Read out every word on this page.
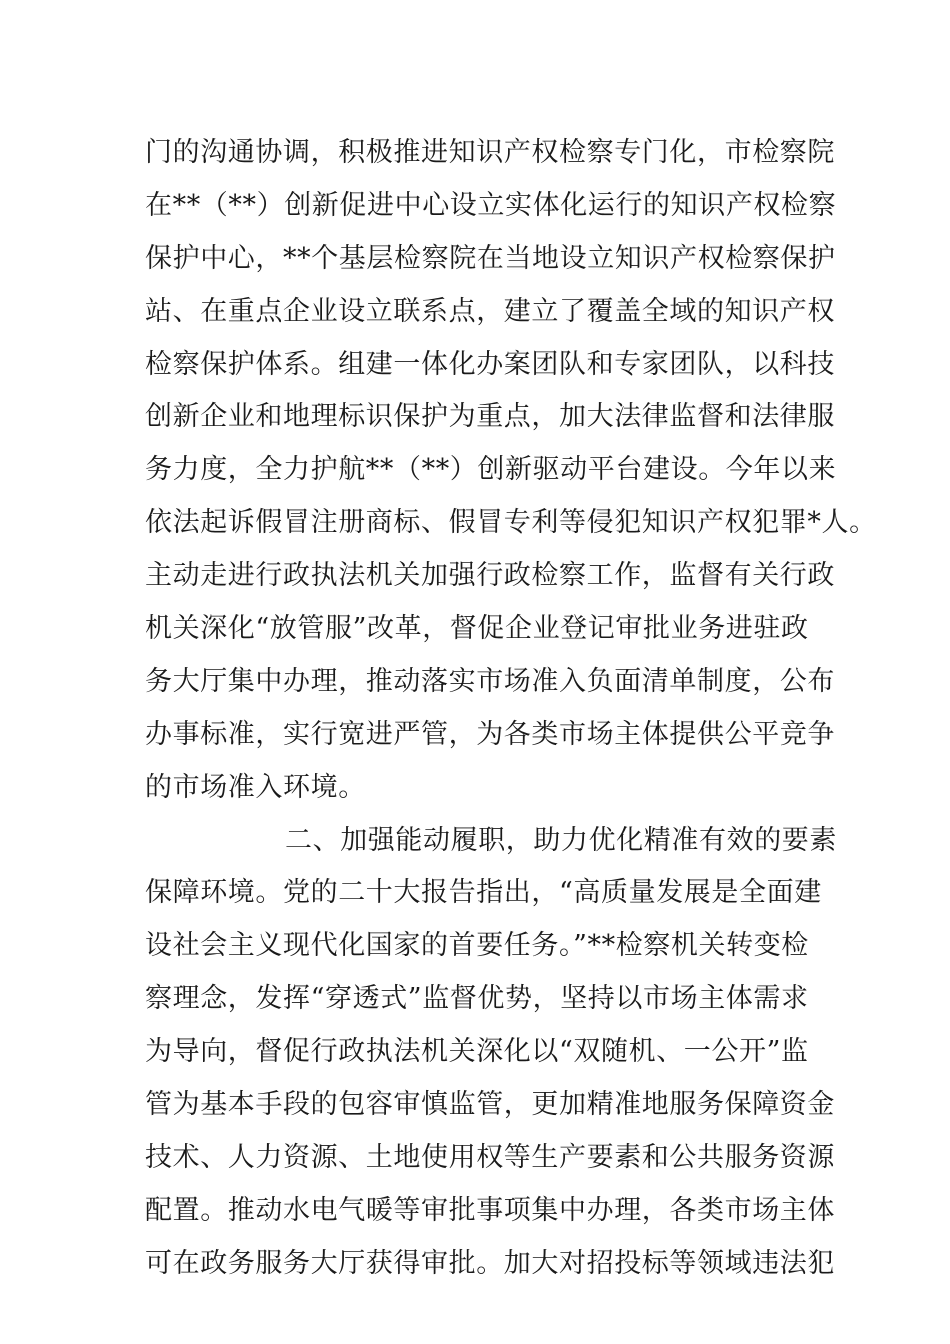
门的沟通协调，积极推进知识产权检察专门化，市检察院
在**（**）创新促进中心设立实体化运行的知识产权检察
保护中心，**个基层检察院在当地设立知识产权检察保护
站、在重点企业设立联系点，建立了覆盖全域的知识产权
检察保护体系。组建一体化办案团队和专家团队，以科技
创新企业和地理标识保护为重点，加大法律监督和法律服
务力度，全力护航**（**）创新驱动平台建设。今年以来
依法起诉假冒注册商标、假冒专利等侵犯知识产权犯罪*人。
主动走进行政执法机关加强行政检察工作，监督有关行政
机关深化“放管服”改革，督促企业登记审批业务进驻政
务大厅集中办理，推动落实市场准入负面清单制度，公布
办事标准，实行宽进严管，为各类市场主体提供公平竞争
的市场准入环境。
二、加强能动履职，助力优化精准有效的要素
保障环境。党的二十大报告指出，“高质量发展是全面建
设社会主义现代化国家的首要任务。”**检察机关转变检
察理念，发挥“穿透式”监督优势，坚持以市场主体需求
为导向，督促行政执法机关深化以“双随机、一公开”监
管为基本手段的包容审慎监管，更加精准地服务保障资金
技术、人力资源、土地使用权等生产要素和公共服务资源
配置。推动水电气暖等审批事项集中办理，各类市场主体
可在政务服务大厅获得审批。加大对招投标等领域违法犯
